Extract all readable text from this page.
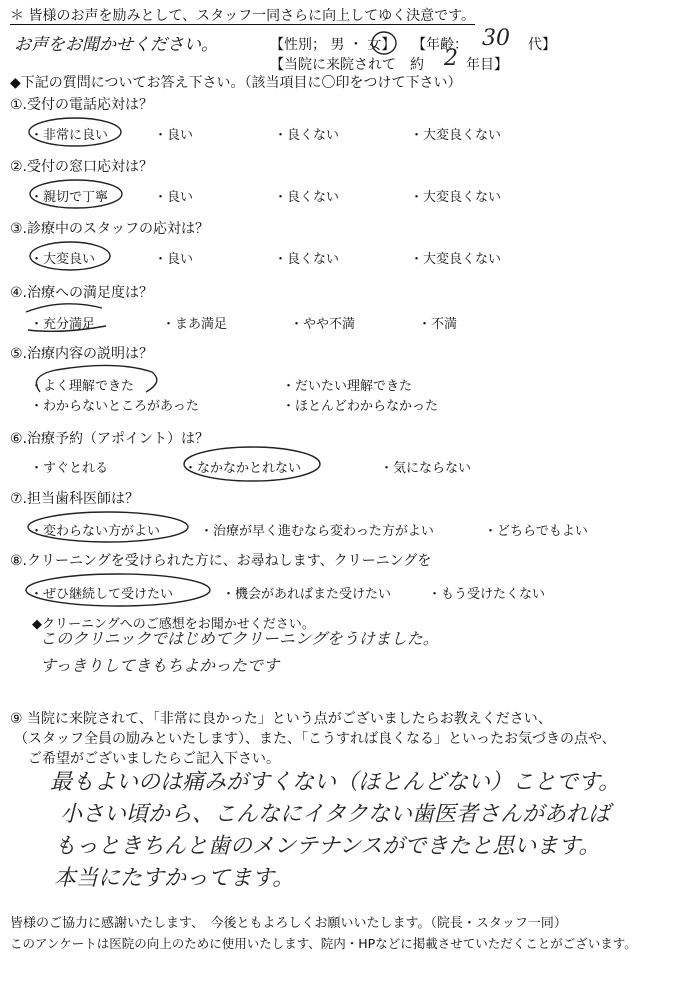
＊ 皆様のお声を励みとして、スタッフ一同さらに向上してゆく決意です。
お声をお聞かせください。	【性別； 男 ・ 女】 【年齢： 30 代】
【当院に来院されて　約 2 年目】
◆下記の質問についてお答え下さい。（該当項目に〇印をつけて下さい）
①.受付の電話応対は？
・非常に良い	・良い	・良くない	・大変良くない
②.受付の窓口応対は？
・親切で丁寧	・良い	・良くない	・大変良くない
③.診療中のスタッフの応対は？
・大変良い	・良い	・良くない	・大変良くない
④.治療への満足度は？
・充分満足	・まあ満足	・やや不満	・不満
⑤.治療内容の説明は？
・よく理解できた	・だいたい理解できた
・わからないところがあった	・ほとんどわからなかった
⑥.治療予約（アポイント）は？
・すぐとれる	・なかなかとれない	・気にならない
⑦.担当歯科医師は？
・変わらない方がよい	・治療が早く進むなら変わった方がよい	・どちらでもよい
⑧.クリーニングを受けられた方に、お尋ねします、クリーニングを
・ぜひ継続して受けたい	・機会があればまた受けたい	・もう受けたくない
◆クリーニングへのご感想をお聞かせください。
このクリニックではじめてクリーニングをうけました。
すっきりしてきもちよかったです
⑨ 当院に来院されて、「非常に良かった」という点がございましたらお教えください、
（スタッフ全員の励みといたします）、また、「こうすれば良くなる」といったお気づきの点や、
ご希望がございましたらご記入下さい。
最もよいのは痛みがすくない（ほとんどない）ことです。
小さい頃から、こんなにイタクない歯医者さんがあれば
もっときちんと歯のメンテナンスができたと思います。
本当にたすかってます。
皆様のご協力に感謝いたします、　今後ともよろしくお願いいたします。（院長・スタッフ一同）
このアンケートは医院の向上のために使用いたします、院内・HPなどに掲載させていただくことがございます。
